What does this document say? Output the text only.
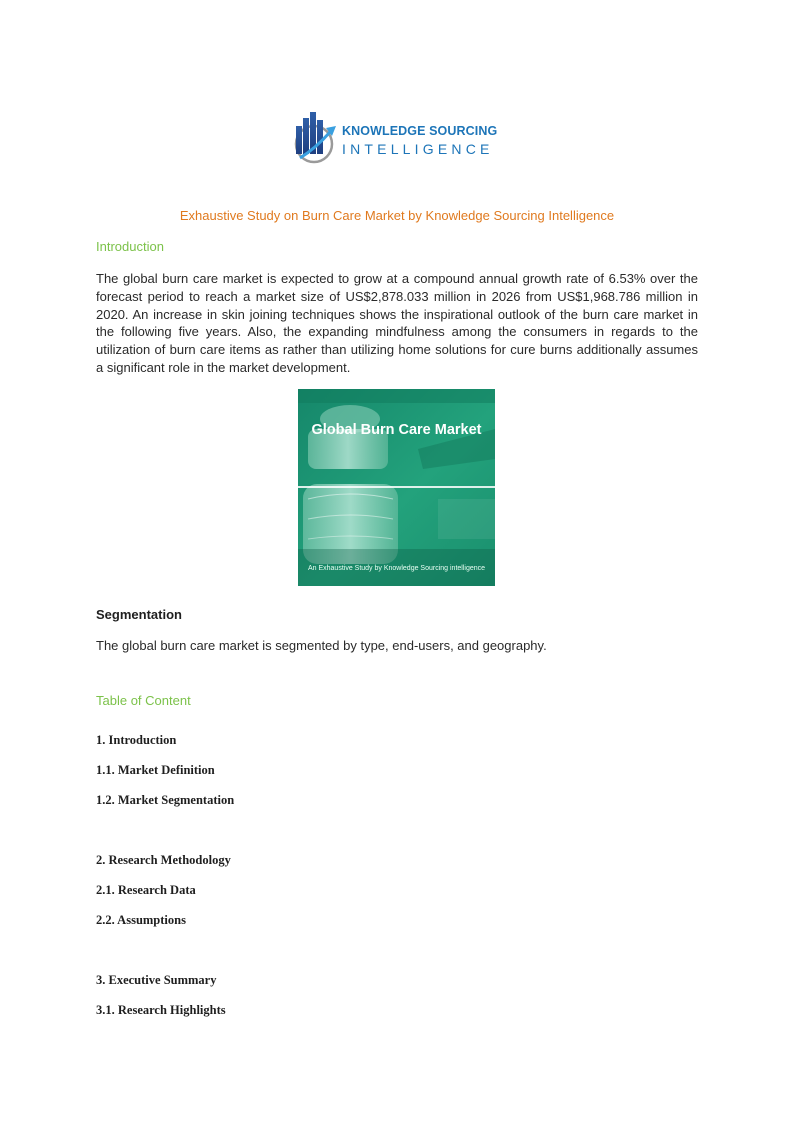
KNOWLEDGE SOURCING
INTELLIGENCE
Exhaustive Study on Burn Care Market by Knowledge Sourcing Intelligence
Introduction
The global burn care market is expected to grow at a compound annual growth rate of 6.53% over the forecast period to reach a market size of US$2,878.033 million in 2026 from US$1,968.786 million in 2020. An increase in skin joining techniques shows the inspirational outlook of the burn care market in the following five years. Also, the expanding mindfulness among the consumers in regards to the utilization of burn care items as rather than utilizing home solutions for cure burns additionally assumes a significant role in the market development.
Global Burn Care Market
An Exhaustive Study by Knowledge Sourcing intelligence
Segmentation
The global burn care market is segmented by type, end-users, and geography.
Table of Content
1. Introduction
1.1. Market Definition
1.2. Market Segmentation
2. Research Methodology
2.1. Research Data
2.2. Assumptions
3. Executive Summary
3.1. Research Highlights
